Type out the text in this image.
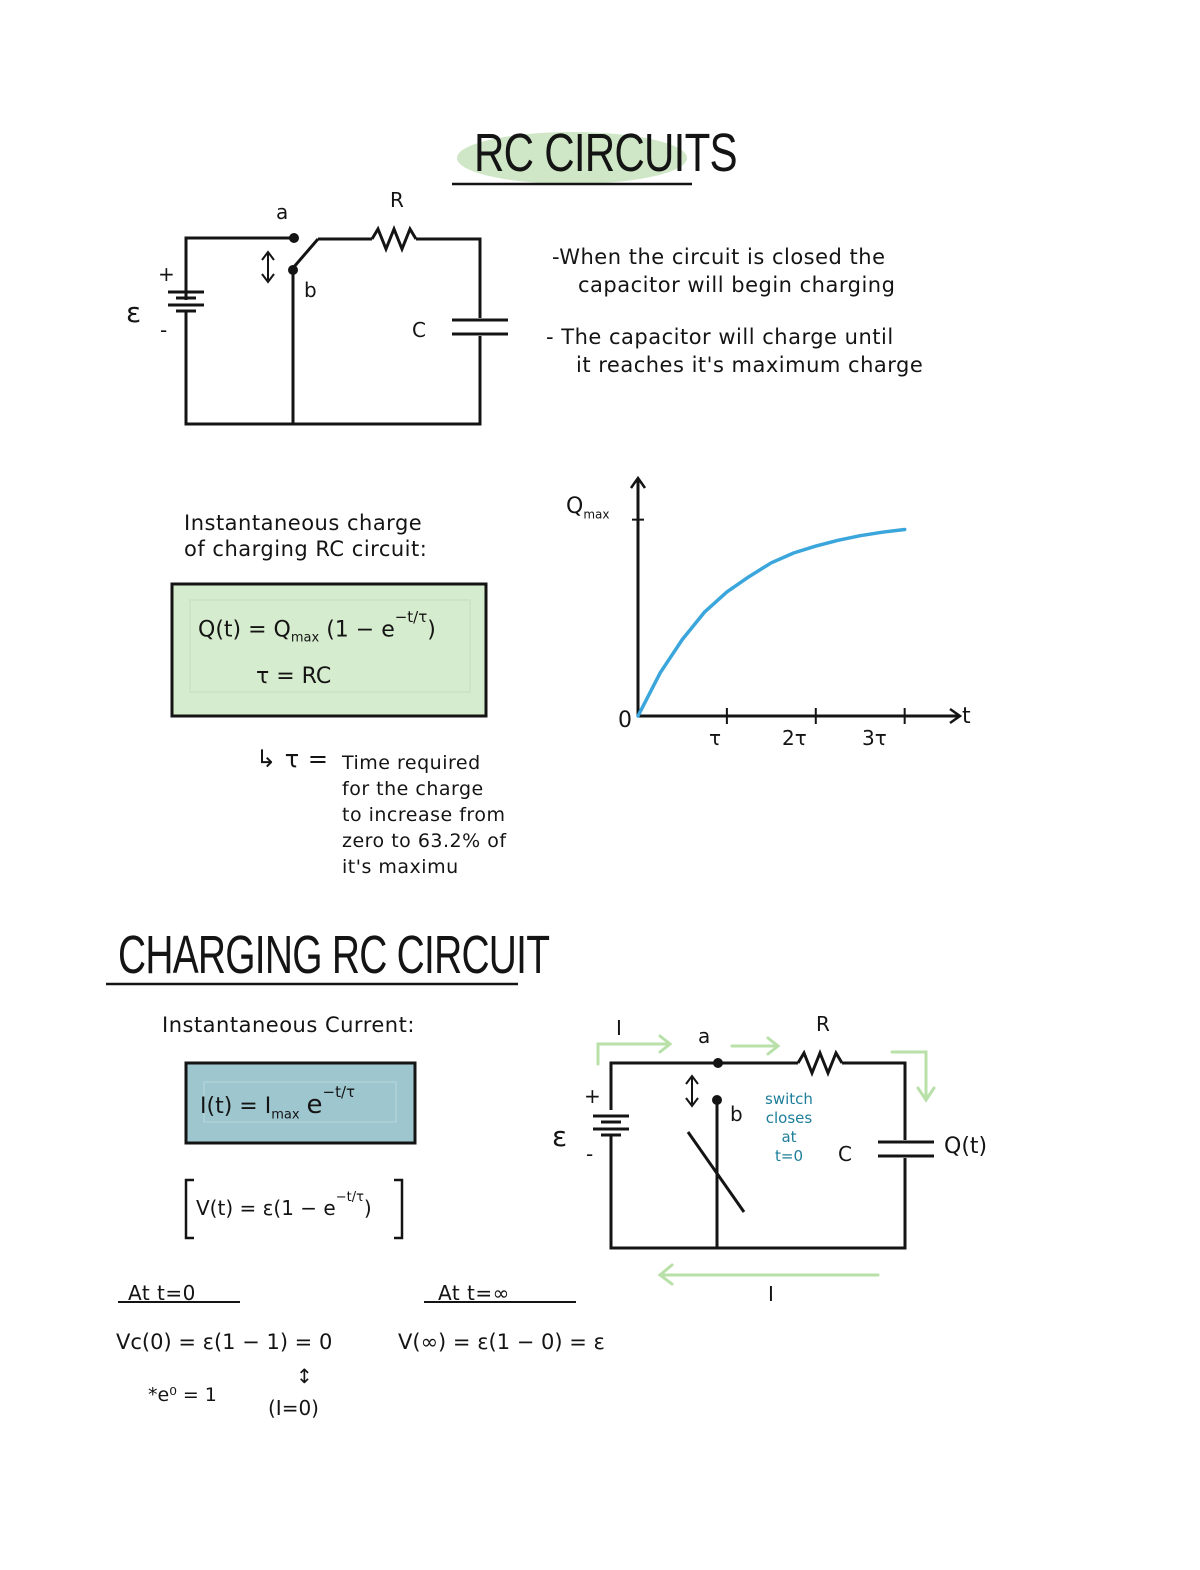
RC CIRCUITS
a	R
b
C
ε
+
-
-When the circuit is closed the
capacitor will begin charging
- The capacitor will charge until
it reaches it's maximum charge
Instantaneous charge
of charging RC circuit:
$Q(t) = Q_{max}$ $(1 - e^{-t/\tau})$
τ = RC
↳ τ = Time required
for the charge
to increase from
zero to 63.2% of
it's maximu
$Q_{max}$
0	t
τ	2τ	3τ
CHARGING RC CIRCUIT
Instantaneous Current:
$I(t) = I_{max}$ $e^{-t/\tau}$
$V(t) = \varepsilon(1 - e^{-t/\tau})$
At t=0	At t=∞
Vc(0) = ε(1 − 1) = 0	V(∞) = ε(1 − 0) = ε
*e⁰ = 1
↕
(I=0)
I	a	R
b
C
ε
+
-	Q(t)
I
switch
closes
at
t=0
